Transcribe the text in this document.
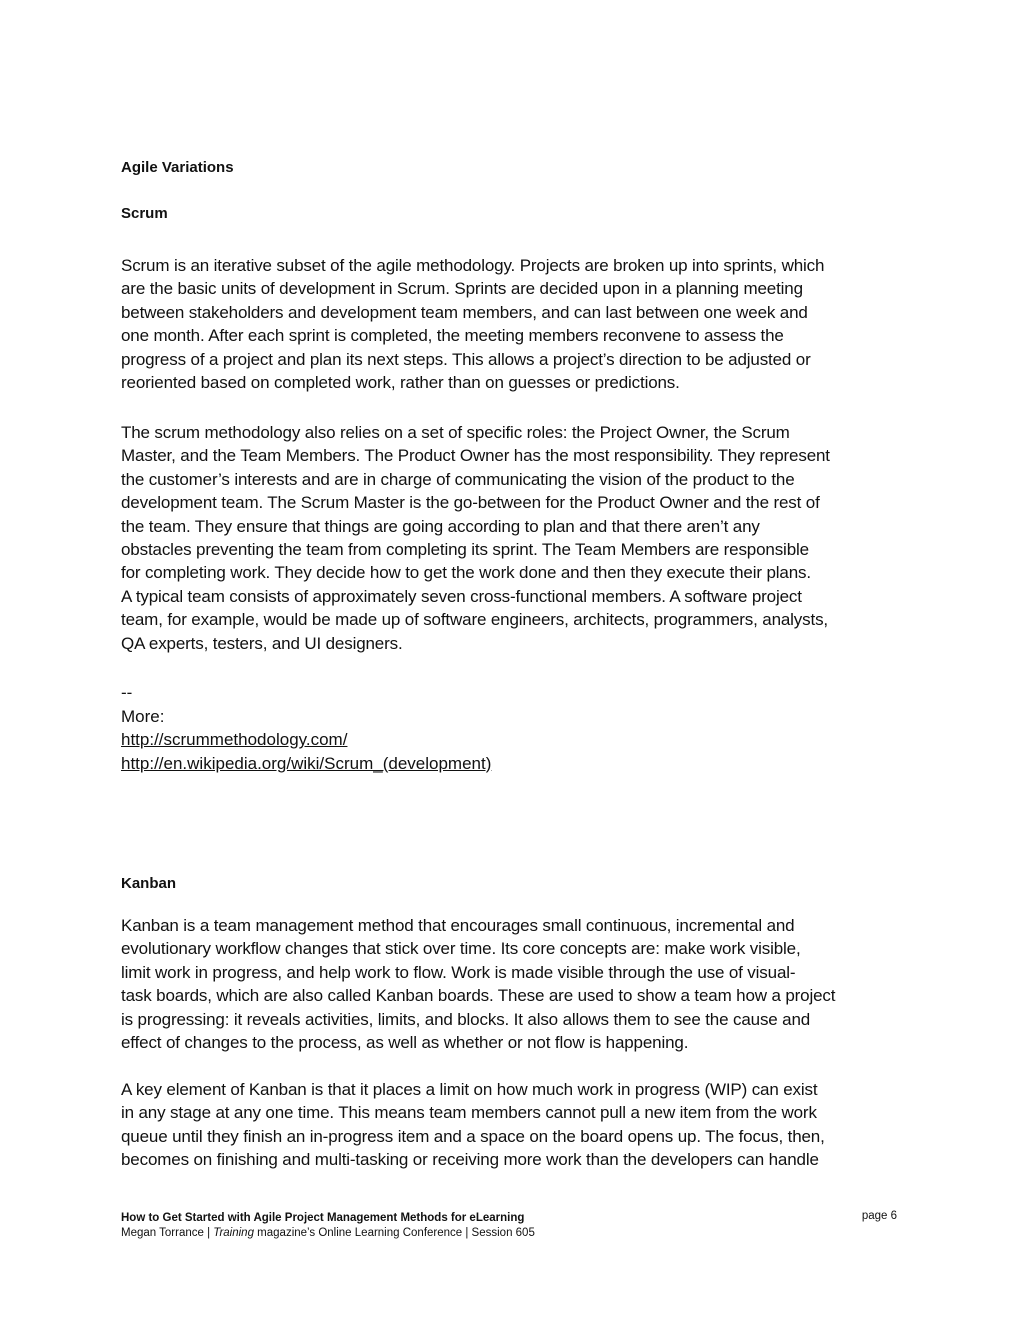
Agile Variations
Scrum

Scrum is an iterative subset of the agile methodology. Projects are broken up into sprints, which
are the basic units of development in Scrum. Sprints are decided upon in a planning meeting
between stakeholders and development team members, and can last between one week and
one month. After each sprint is completed, the meeting members reconvene to assess the
progress of a project and plan its next steps. This allows a project’s direction to be adjusted or
reoriented based on completed work, rather than on guesses or predictions.

The scrum methodology also relies on a set of specific roles: the Project Owner, the Scrum
Master, and the Team Members. The Product Owner has the most responsibility. They represent
the customer’s interests and are in charge of communicating the vision of the product to the
development team. The Scrum Master is the go-between for the Product Owner and the rest of
the team. They ensure that things are going according to plan and that there aren’t any
obstacles preventing the team from completing its sprint. The Team Members are responsible
for completing work. They decide how to get the work done and then they execute their plans.
A typical team consists of approximately seven cross-functional members. A software project
team, for example, would be made up of software engineers, architects, programmers, analysts,
QA experts, testers, and UI designers.

--
More:
http://scrummethodology.com/
http://en.wikipedia.org/wiki/Scrum_(development)
Kanban

Kanban is a team management method that encourages small continuous, incremental and
evolutionary workflow changes that stick over time. Its core concepts are: make work visible,
limit work in progress, and help work to flow. Work is made visible through the use of visual-
task boards, which are also called Kanban boards. These are used to show a team how a project
is progressing: it reveals activities, limits, and blocks. It also allows them to see the cause and
effect of changes to the process, as well as whether or not flow is happening.

A key element of Kanban is that it places a limit on how much work in progress (WIP) can exist
in any stage at any one time. This means team members cannot pull a new item from the work
queue until they finish an in-progress item and a space on the board opens up. The focus, then,
becomes on finishing and multi-tasking or receiving more work than the developers can handle

How to Get Started with Agile Project Management Methods for eLearning
Megan Torrance | Training magazine’s Online Learning Conference | Session 605
page 6
